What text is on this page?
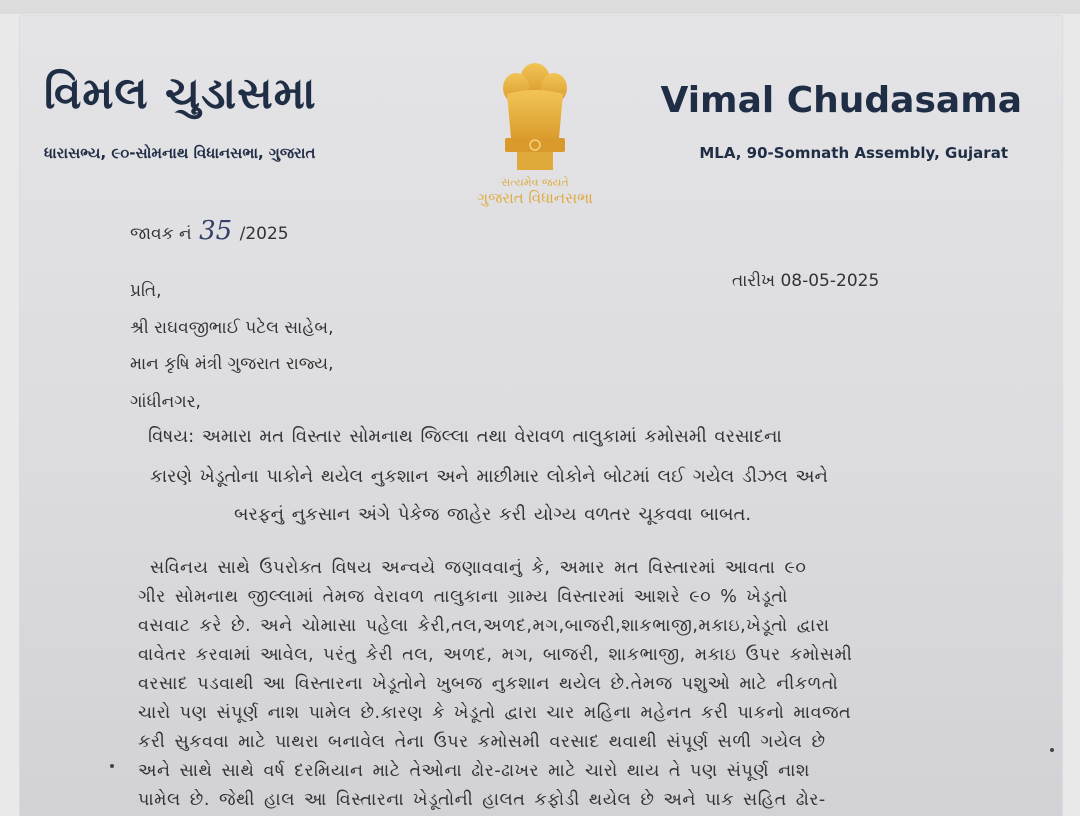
વિમલ ચુડાસમા
ધારાસભ્ય, ૯૦-સોમનાથ વિધાનસભા, ગુજરાત
સત્યમેવ જયતે
ગુજરાત વિધાનસભા
Vimal Chudasama
MLA, 90-Somnath Assembly, Gujarat
જાવક નં 35 /2025
તારીખ 08-05-2025
પ્રતિ,
શ્રી રાઘવજીભાઈ પટેલ સાહેબ,
માન કૃષિ મંત્રી ગુજરાત રાજ્ય,
ગાંધીનગર,
વિષય: અમારા મત વિસ્તાર સોમનાથ જિલ્લા તથા વેરાવળ તાલુકામાં કમોસમી વરસાદના
કારણે ખેડૂતોના પાકોને થયેલ નુકશાન અને માછીમાર લોકોને બોટમાં લઈ ગયેલ ડીઝલ અને
બરફનું નુકસાન અંગે પેકેજ જાહેર કરી યોગ્ય વળતર ચૂકવવા બાબત.
સવિનય સાથે ઉપરોક્ત વિષય અન્વયે જણાવવાનું કે, અમાર મત વિસ્તારમાં આવતા ૯૦
ગીર સોમનાથ જીલ્લામાં તેમજ વેરાવળ તાલુકાના ગ્રામ્ય વિસ્તારમાં આશરે ૯૦ % ખેડૂતો
વસવાટ કરે છે. અને ચોમાસા પહેલા કેરી,તલ,અળદ,મગ,બાજરી,શાકભાજી,મકાઇ,ખેડૂતો દ્વારા
વાવેતર કરવામાં આવેલ, પરંતુ કેરી તલ, અળદ, મગ, બાજરી, શાકભાજી, મકાઇ ઉપર કમોસમી
વરસાદ પડવાથી આ વિસ્તારના ખેડૂતોને ખુબજ નુકશાન થયેલ છે.તેમજ પશુઓ માટે નીકળતો
ચારો પણ સંપૂર્ણ નાશ પામેલ છે.કારણ કે ખેડૂતો દ્વારા ચાર મહિના મહેનત કરી પાકનો માવજત
કરી સુકવવા માટે પાથરા બનાવેલ તેના ઉપર કમોસમી વરસાદ થવાથી સંપૂર્ણ સળી ગયેલ છે
અને સાથે સાથે વર્ષ દરમિયાન માટે તેઓના ઢોર-ઢાખર માટે ચારો થાય તે પણ સંપૂર્ણ નાશ
પામેલ છે. જેથી હાલ આ વિસ્તારના ખેડૂતોની હાલત કફોડી થયેલ છે અને પાક સહિત ઢોર-
